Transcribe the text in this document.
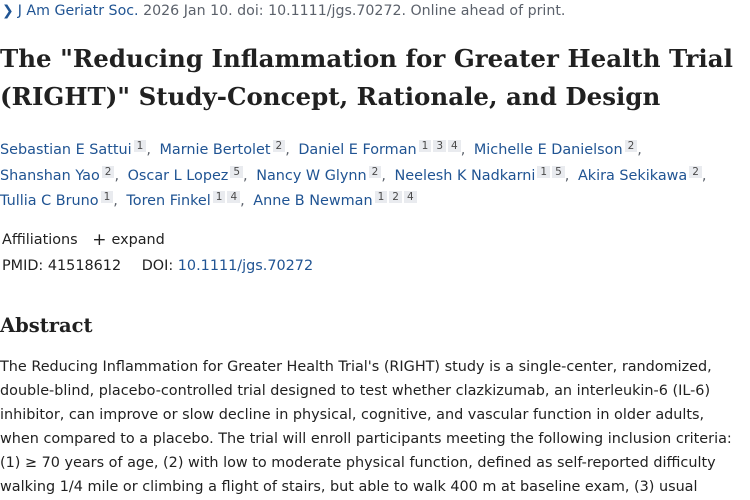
❯ J Am Geriatr Soc. 2026 Jan 10. doi: 10.1111/jgs.70272. Online ahead of print.
The "Reducing Inflammation for Greater Health Trial
(RIGHT)" Study-Concept, Rationale, and Design
Sebastian E Sattui 1 , Marnie Bertolet 2 , Daniel E Forman 1 3 4 , Michelle E Danielson 2 , Shanshan Yao 2 , Oscar L Lopez 5 , Nancy W Glynn 2 , Neelesh K Nadkarni 1 5 , Akira Sekikawa 2 , Tullia C Bruno 1 , Toren Finkel 1 4 , Anne B Newman 1 2 4
Affiliations + expand
PMID: 41518612 DOI: 10.1111/jgs.70272
Abstract
The Reducing Inflammation for Greater Health Trial's (RIGHT) study is a single-center, randomized,
double-blind, placebo-controlled trial designed to test whether clazkizumab, an interleukin-6 (IL-6)
inhibitor, can improve or slow decline in physical, cognitive, and vascular function in older adults,
when compared to a placebo. The trial will enroll participants meeting the following inclusion criteria:
(1) ≥ 70 years of age, (2) with low to moderate physical function, defined as self-reported difficulty
walking 1/4 mile or climbing a flight of stairs, but able to walk 400 m at baseline exam, (3) usual
